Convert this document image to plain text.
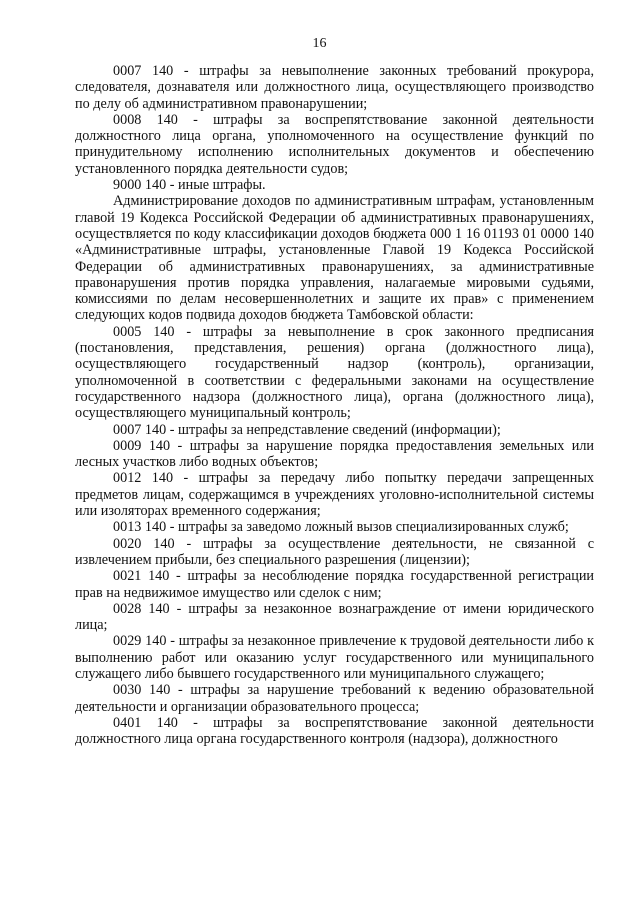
16

0007 140 - штрафы за невыполнение законных требований прокурора, следователя, дознавателя или должностного лица, осуществляющего производство по делу об административном правонарушении;

0008 140 - штрафы за воспрепятствование законной деятельности должностного лица органа, уполномоченного на осуществление функций по принудительному исполнению исполнительных документов и обеспечению установленного порядка деятельности судов;

9000 140 - иные штрафы.

Администрирование доходов по административным штрафам, установленным главой 19 Кодекса Российской Федерации об административных правонарушениях, осуществляется по коду классификации доходов бюджета 000 1 16 01193 01 0000 140 «Административные штрафы, установленные Главой 19 Кодекса Российской Федерации об административных правонарушениях, за административные правонарушения против порядка управления, налагаемые мировыми судьями, комиссиями по делам несовершеннолетних и защите их прав» с применением следующих кодов подвида доходов бюджета Тамбовской области:

0005 140 - штрафы за невыполнение в срок законного предписания (постановления, представления, решения) органа (должностного лица), осуществляющего государственный надзор (контроль), организации, уполномоченной в соответствии с федеральными законами на осуществление государственного надзора (должностного лица), органа (должностного лица), осуществляющего муниципальный контроль;

0007 140 - штрафы за непредставление сведений (информации);

0009 140 - штрафы за нарушение порядка предоставления земельных или лесных участков либо водных объектов;

0012 140 - штрафы за передачу либо попытку передачи запрещенных предметов лицам, содержащимся в учреждениях уголовно-исполнительной системы или изоляторах временного содержания;

0013 140 - штрафы за заведомо ложный вызов специализированных служб;

0020 140 - штрафы за осуществление деятельности, не связанной с извлечением прибыли, без специального разрешения (лицензии);

0021 140 - штрафы за несоблюдение порядка государственной регистрации прав на недвижимое имущество или сделок с ним;

0028 140 - штрафы за незаконное вознаграждение от имени юридического лица;

0029 140 - штрафы за незаконное привлечение к трудовой деятельности либо к выполнению работ или оказанию услуг государственного или муниципального служащего либо бывшего государственного или муниципального служащего;

0030 140 - штрафы за нарушение требований к ведению образовательной деятельности и организации образовательного процесса;

0401 140 - штрафы за воспрепятствование законной деятельности должностного лица органа государственного контроля (надзора), должностного
